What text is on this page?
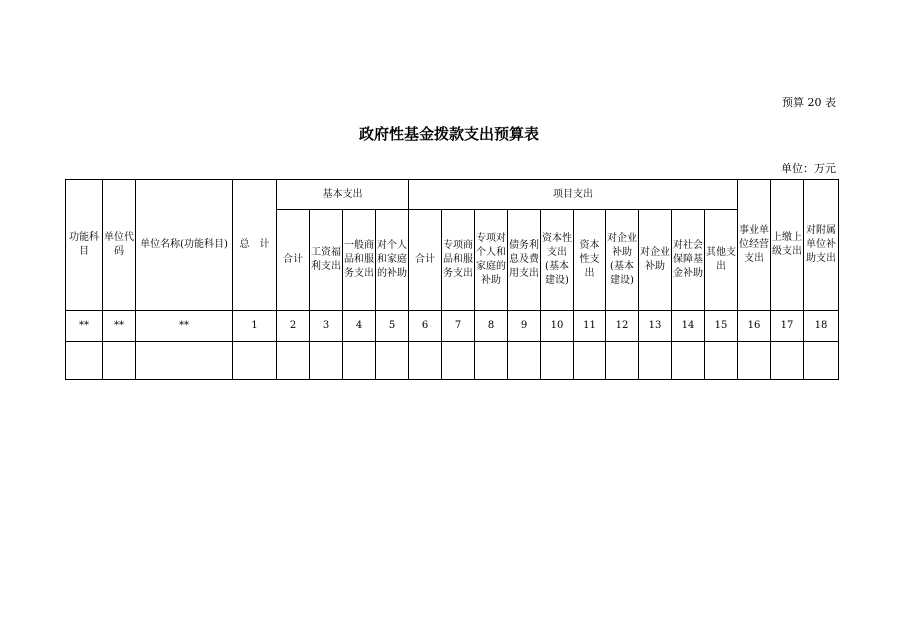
预算 20 表
政府性基金拨款支出预算表
单位：万元
功能科目	单位代码	单位名称(功能科目)	总　计	基本支出				项目支出										事业单位经营支出	上缴上级支出	对附属单位补助支出
				合计	工资福利支出	一般商品和服务支出	对个人和家庭的补助	合计	专项商品和服务支出	专项对个人和家庭的补助	债务利息及费用支出	资本性支出(基本建设)	资本性支出	对企业补助(基本建设)	对企业补助	对社会保障基金补助	其他支出			
**	**	**	1	2	3	4	5	6	7	8	9	10	11	12	13	14	15	16	17	18
